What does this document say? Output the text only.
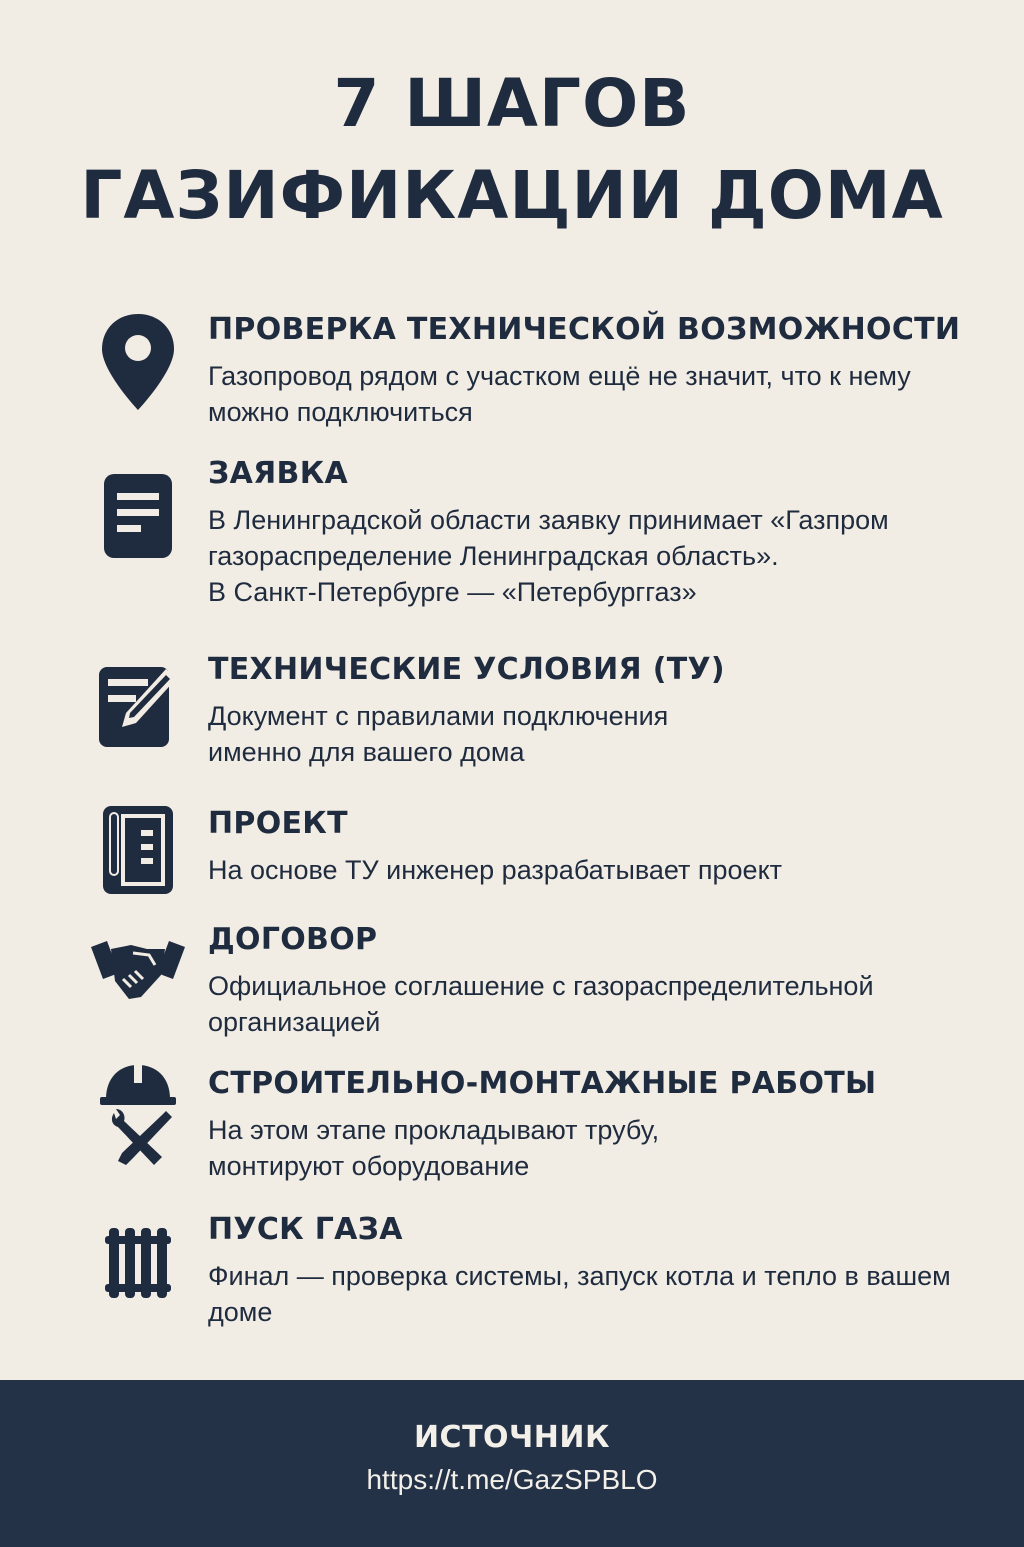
7 ШАГОВ
ГАЗИФИКАЦИИ ДОМА
ПРОВЕРКА ТЕХНИЧЕСКОЙ ВОЗМОЖНОСТИ
Газопровод рядом с участком ещё не значит, что к нему
можно подключиться
ЗАЯВКА
В Ленинградской области заявку принимает «Газпром
газораспределение Ленинградская область».
В Санкт-Петербурге — «Петербурггаз»
ТЕХНИЧЕСКИЕ УСЛОВИЯ (ТУ)
Документ с правилами подключения
именно для вашего дома
ПРОЕКТ
На основе ТУ инженер разрабатывает проект
ДОГОВОР
Официальное соглашение с газораспределительной
организацией
СТРОИТЕЛЬНО-МОНТАЖНЫЕ РАБОТЫ
На этом этапе прокладывают трубу,
монтируют оборудование
ПУСК ГАЗА
Финал — проверка системы, запуск котла и тепло в вашем
доме
ИСТОЧНИК
https://t.me/GazSPBLO
